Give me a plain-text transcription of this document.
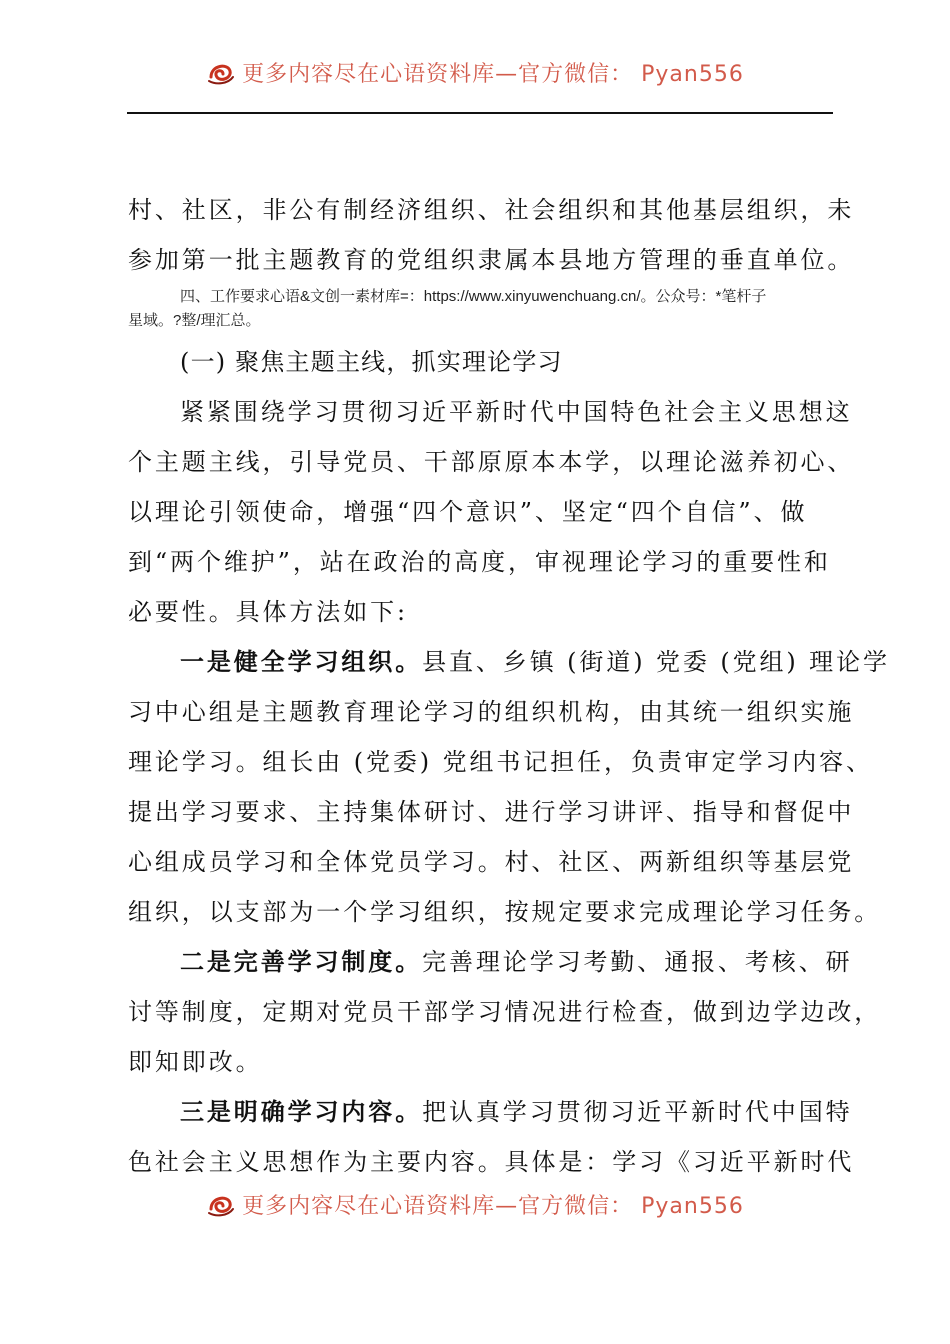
更多内容尽在心语资料库—官方微信： Pyan556
村、社区，非公有制经济组织、社会组织和其他基层组织，未
参加第一批主题教育的党组织隶属本县地方管理的垂直单位。
四、工作要求心语&文创一素材库=：https://www.xinyuwenchuang.cn/。公众号：*笔杆子
星域。?整/理汇总。
(一) 聚焦主题主线，抓实理论学习
紧紧围绕学习贯彻习近平新时代中国特色社会主义思想这
个主题主线，引导党员、干部原原本本学，以理论滋养初心、
以理论引领使命，增强“四个意识”、坚定“四个自信”、做
到“两个维护”，站在政治的高度，审视理论学习的重要性和
必要性。具体方法如下:
一是健全学习组织。县直、乡镇 (街道) 党委 (党组) 理论学
习中心组是主题教育理论学习的组织机构，由其统一组织实施
理论学习。组长由 (党委) 党组书记担任，负责审定学习内容、
提出学习要求、主持集体研讨、进行学习讲评、指导和督促中
心组成员学习和全体党员学习。村、社区、两新组织等基层党
组织，以支部为一个学习组织，按规定要求完成理论学习任务。
二是完善学习制度。完善理论学习考勤、通报、考核、研
讨等制度，定期对党员干部学习情况进行检查，做到边学边改，
即知即改。
三是明确学习内容。把认真学习贯彻习近平新时代中国特
色社会主义思想作为主要内容。具体是：学习《习近平新时代
更多内容尽在心语资料库—官方微信： Pyan556
